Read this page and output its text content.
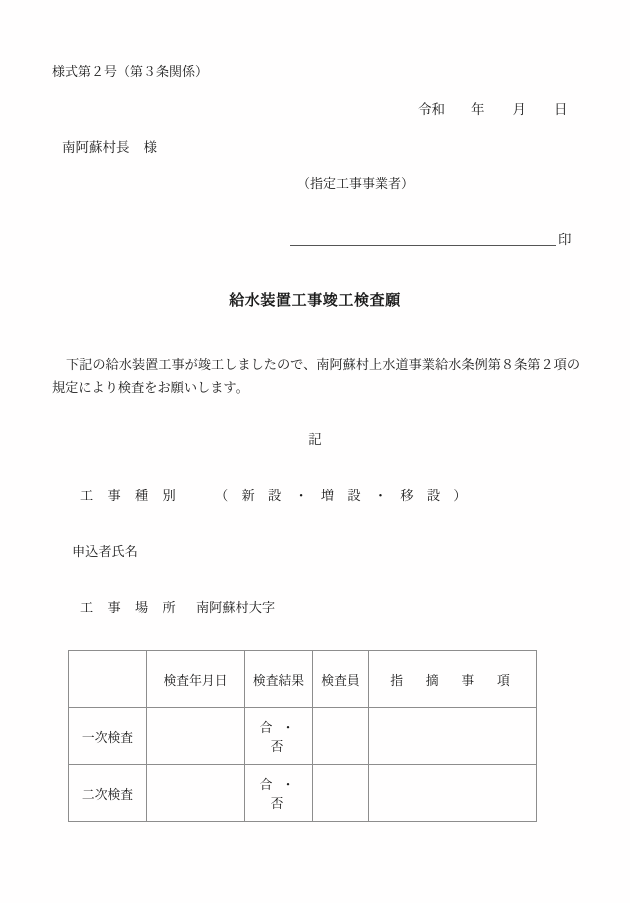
様式第２号（第３条関係）
令和 年 月 日
南阿蘇村長 様
（指定工事事業者）
印
給水装置工事竣工検査願
下記の給水装置工事が竣工しましたので、南阿蘇村上水道事業給水条例第８条第２項の規定により検査をお願いします。
記
工 事 種 別	（ 新 設 ・ 増 設 ・ 移 設 ）
申込者氏名
工 事 場 所 南阿蘇村大字
	検査年月日	検査結果	検査員	指　摘　事　項
一次検査		合 ・ 否		
二次検査		合 ・ 否		
